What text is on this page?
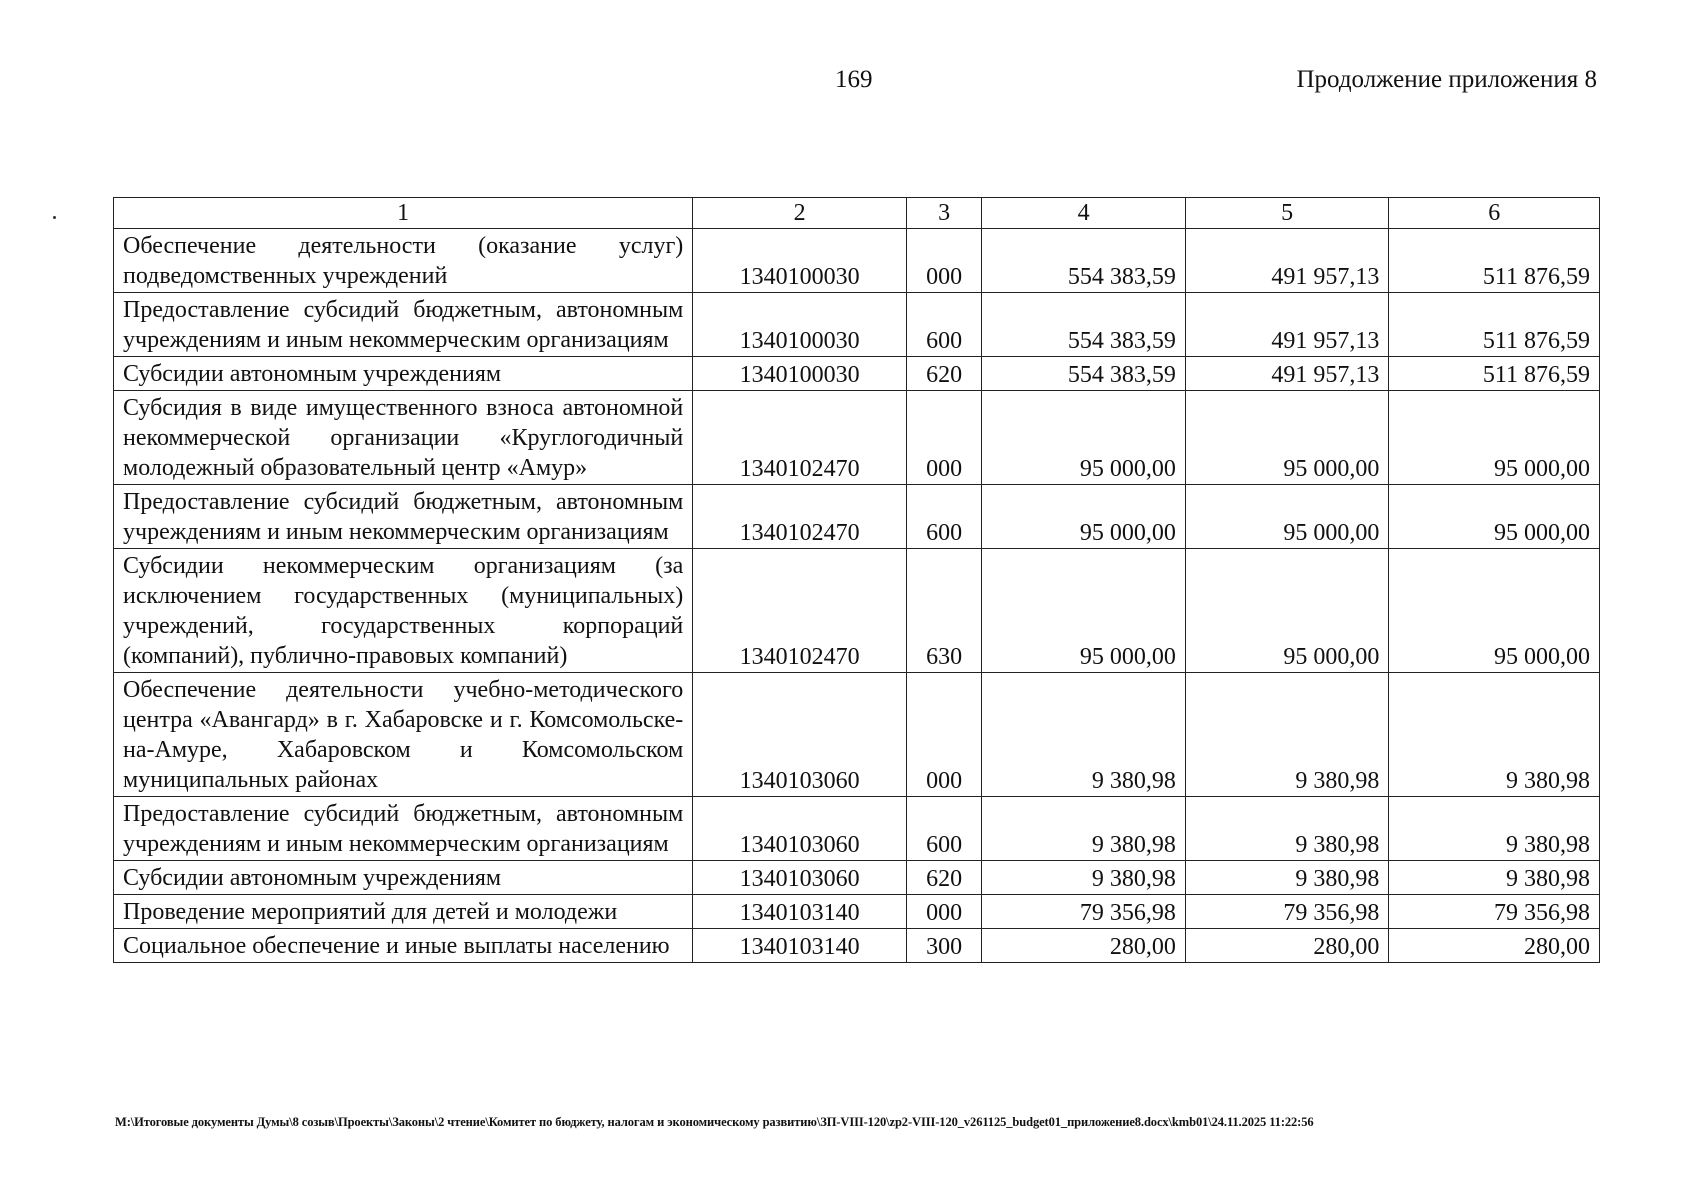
169	Продолжение приложения 8
1	2	3	4	5	6
Обеспечение деятельности (оказание услуг) подведомственных учреждений	1340100030	000	554 383,59	491 957,13	511 876,59
Предоставление субсидий бюджетным, автономным учреждениям и иным некоммерческим организациям	1340100030	600	554 383,59	491 957,13	511 876,59
Субсидии автономным учреждениям	1340100030	620	554 383,59	491 957,13	511 876,59
Субсидия в виде имущественного взноса автономной некоммерческой организации «Круглогодичный молодежный образовательный центр «Амур»	1340102470	000	95 000,00	95 000,00	95 000,00
Предоставление субсидий бюджетным, автономным учреждениям и иным некоммерческим организациям	1340102470	600	95 000,00	95 000,00	95 000,00
Субсидии некоммерческим организациям (за исключением государственных (муниципальных) учреждений, государственных корпораций (компаний), публично-правовых компаний)	1340102470	630	95 000,00	95 000,00	95 000,00
Обеспечение деятельности учебно-методического центра «Авангард» в г. Хабаровске и г. Комсомольске-на-Амуре, Хабаровском и Комсомольском муниципальных районах	1340103060	000	9 380,98	9 380,98	9 380,98
Предоставление субсидий бюджетным, автономным учреждениям и иным некоммерческим организациям	1340103060	600	9 380,98	9 380,98	9 380,98
Субсидии автономным учреждениям	1340103060	620	9 380,98	9 380,98	9 380,98
Проведение мероприятий для детей и молодежи	1340103140	000	79 356,98	79 356,98	79 356,98
Социальное обеспечение и иные выплаты населению	1340103140	300	280,00	280,00	280,00
M:\Итоговые документы Думы\8 созыв\Проекты\Законы\2 чтение\Комитет по бюджету, налогам и экономическому развитию\ЗП-VIII-120\zp2-VIII-120_v261125_budget01_приложение8.docx\kmb01\24.11.2025 11:22:56
